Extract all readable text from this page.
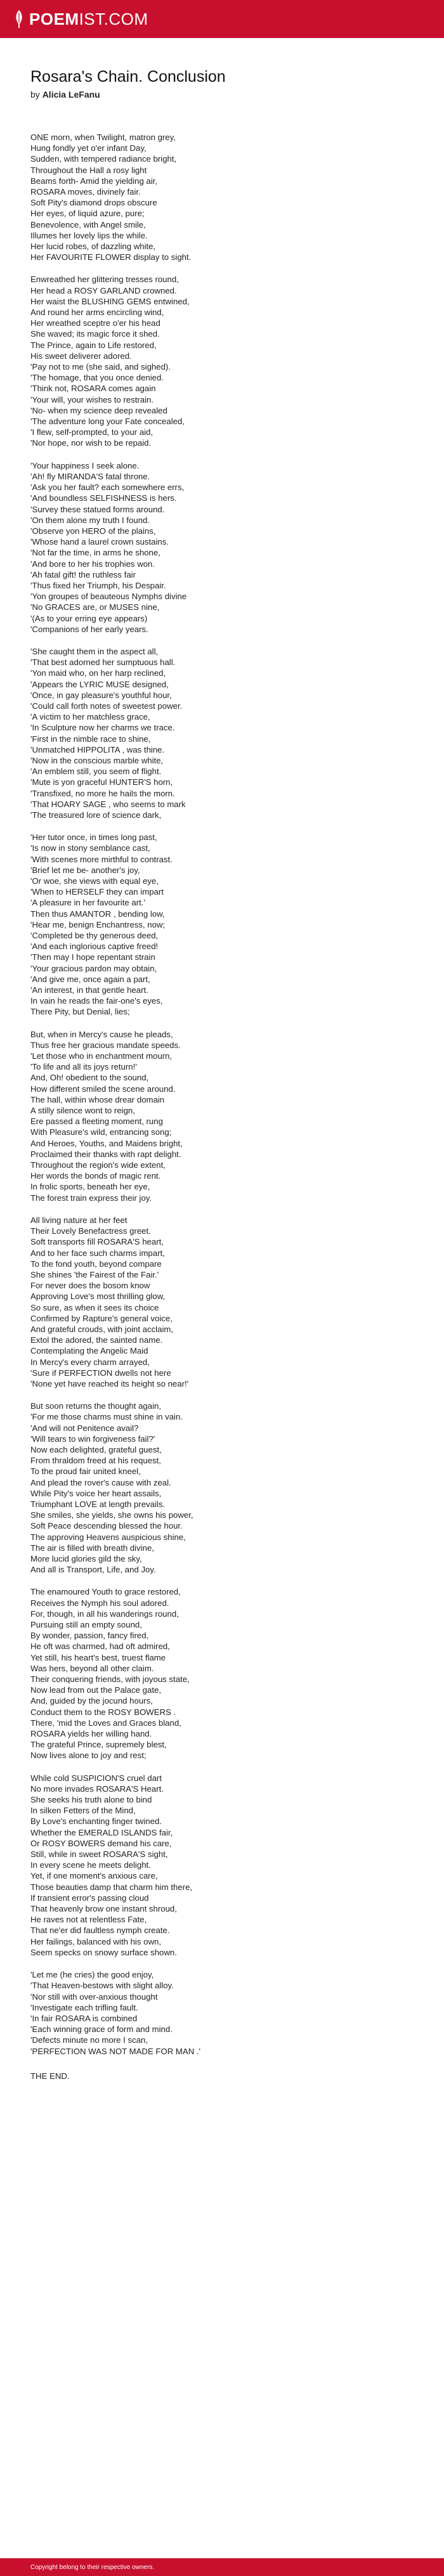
POEM IST.COM
Rosara's Chain. Conclusion
by Alicia LeFanu
ONE morn, when Twilight, matron grey,
Hung fondly yet o'er infant Day,
Sudden, with tempered radiance bright,
Throughout the Hall a rosy light
Beams forth- Amid the yielding air,
ROSARA moves, divinely fair.
Soft Pity's diamond drops obscure
Her eyes, of liquid azure, pure;
Benevolence, with Angel smile,
Illumes her lovely lips the while.
Her lucid robes, of dazzling white,
Her FAVOURITE FLOWER display to sight.
Enwreathed her glittering tresses round,
Her head a ROSY GARLAND crowned.
Her waist the BLUSHING GEMS entwined,
And round her arms encircling wind,
Her wreathed sceptre o'er his head
She waved; its magic force it shed.
The Prince, again to Life restored,
His sweet deliverer adored.
'Pay not to me (she said, and sighed).
'The homage, that you once denied.
'Think not, ROSARA comes again
'Your will, your wishes to restrain.
'No- when my science deep revealed
'The adventure long your Fate concealed,
'I flew, self-prompted, to your aid,
'Nor hope, nor wish to be repaid.
'Your happiness I seek alone.
'Ah! fly MIRANDA'S fatal throne.
'Ask you her fault? each somewhere errs,
'And boundless SELFISHNESS is hers.
'Survey these statued forms around.
'On them alone my truth I found.
'Observe yon HERO of the plains,
'Whose hand a laurel crown sustains.
'Not far the time, in arms he shone,
'And bore to her his trophies won.
'Ah fatal gift! the ruthless fair
'Thus fixed her Triumph, his Despair.
'Yon groupes of beauteous Nymphs divine
'No GRACES are, or MUSES nine,
'(As to your erring eye appears)
'Companions of her early years.
'She caught them in the aspect all,
'That best adorned her sumptuous hall.
'Yon maid who, on her harp reclined,
'Appears the LYRIC MUSE designed,
'Once, in gay pleasure's youthful hour,
'Could call forth notes of sweetest power.
'A victim to her matchless grace,
'In Sculpture now her charms we trace.
'First in the nimble race to shine,
'Unmatched HIPPOLITA , was thine.
'Now in the conscious marble white,
'An emblem still, you seem of flight.
'Mute is yon graceful HUNTER'S horn,
'Transfixed, no more he hails the morn.
'That HOARY SAGE , who seems to mark
'The treasured lore of science dark,
'Her tutor once, in times long past,
'Is now in stony semblance cast,
'With scenes more mirthful to contrast.
'Brief let me be- another's joy,
'Or woe, she views with equal eye,
'When to HERSELF they can impart
'A pleasure in her favourite art.'
Then thus AMANTOR , bending low,
'Hear me, benign Enchantress, now;
'Completed be thy generous deed,
'And each inglorious captive freed!
'Then may I hope repentant strain
'Your gracious pardon may obtain,
'And give me, once again a part,
'An interest, in that gentle heart.
In vain he reads the fair-one's eyes,
There Pity, but Denial, lies;
But, when in Mercy's cause he pleads,
Thus free her gracious mandate speeds.
'Let those who in enchantment mourn,
'To life and all its joys return!'
And, Oh! obedient to the sound,
How different smiled the scene around.
The hall, within whose drear domain
A stilly silence wont to reign,
Ere passed a fleeting moment, rung
With Pleasure's wild, entrancing song;
And Heroes, Youths, and Maidens bright,
Proclaimed their thanks with rapt delight.
Throughout the region's wide extent,
Her words the bonds of magic rent.
In frolic sports, beneath her eye,
The forest train express their joy.
All living nature at her feet
Their Lovely Benefactress greet.
Soft transports fill ROSARA'S heart,
And to her face such charms impart,
To the fond youth, beyond compare
She shines 'the Fairest of the Fair.'
For never does the bosom know
Approving Love's most thrilling glow,
So sure, as when it sees its choice
Confirmed by Rapture's general voice,
And grateful crouds, with joint acclaim,
Extol the adored, the sainted name.
Contemplating the Angelic Maid
In Mercy's every charm arrayed,
'Sure if PERFECTION dwells not here
'None yet have reached its height so near!'
But soon returns the thought again,
'For me those charms must shine in vain.
'And will not Penitence avail?
'Will tears to win forgiveness fail?'
Now each delighted, grateful guest,
From thraldom freed at his request,
To the proud fair united kneel,
And plead the rover's cause with zeal.
While Pity's voice her heart assails,
Triumphant LOVE at length prevails.
She smiles, she yields, she owns his power,
Soft Peace descending blessed the hour.
The approving Heavens auspicious shine,
The air is filled with breath divine,
More lucid glories gild the sky,
And all is Transport, Life, and Joy.
The enamoured Youth to grace restored,
Receives the Nymph his soul adored.
For, though, in all his wanderings round,
Pursuing still an empty sound,
By wonder, passion, fancy fired,
He oft was charmed, had oft admired,
Yet still, his heart's best, truest flame
Was hers, beyond all other claim.
Their conquering friends, with joyous state,
Now lead from out the Palace gate,
And, guided by the jocund hours,
Conduct them to the ROSY BOWERS .
There, 'mid the Loves and Graces bland,
ROSARA yields her willing hand.
The grateful Prince, supremely blest,
Now lives alone to joy and rest;
While cold SUSPICION'S cruel dart
No more invades ROSARA'S Heart.
She seeks his truth alone to bind
In silken Fetters of the Mind,
By Love's enchanting finger twined.
Whether the EMERALD ISLANDS fair,
Or ROSY BOWERS demand his care,
Still, while in sweet ROSARA'S sight,
In every scene he meets delight.
Yet, if one moment's anxious care,
Those beauties damp that charm him there,
If transient error's passing cloud
That heavenly brow one instant shroud,
He raves not at relentless Fate,
That ne'er did faultless nymph create.
Her failings, balanced with his own,
Seem specks on snowy surface shown.
'Let me (he cries) the good enjoy,
'That Heaven-bestows with slight alloy.
'Nor still with over-anxious thought
'Investigate each trifling fault.
'In fair ROSARA is combined
'Each winning grace of form and mind.
'Defects minute no more I scan,
'PERFECTION WAS NOT MADE FOR MAN .'
THE END.
Copyright belong to their respective owners.
